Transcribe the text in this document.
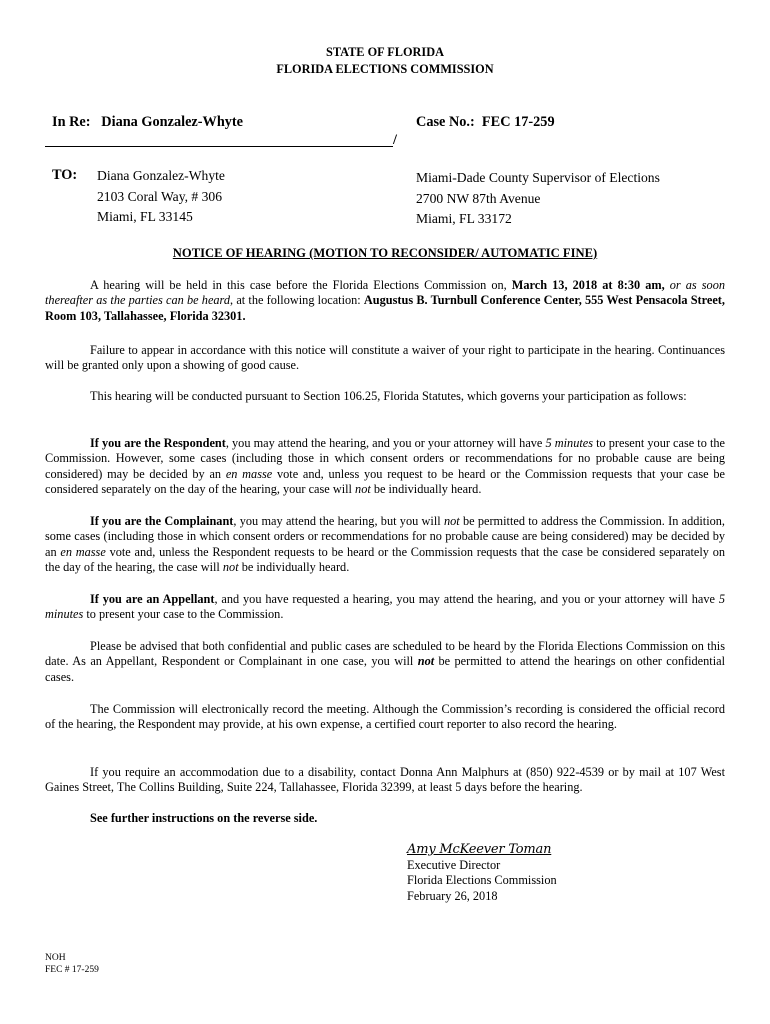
STATE OF FLORIDA
FLORIDA ELECTIONS COMMISSION
In Re: Diana Gonzalez-Whyte	Case No.: FEC 17-259
/
TO: Diana Gonzalez-Whyte
2103 Coral Way, # 306
Miami, FL 33145
Miami-Dade County Supervisor of Elections
2700 NW 87th Avenue
Miami, FL 33172
NOTICE OF HEARING (MOTION TO RECONSIDER/ AUTOMATIC FINE)
A hearing will be held in this case before the Florida Elections Commission on, March 13, 2018 at 8:30 am, or as soon thereafter as the parties can be heard, at the following location: Augustus B. Turnbull Conference Center, 555 West Pensacola Street, Room 103, Tallahassee, Florida 32301.
Failure to appear in accordance with this notice will constitute a waiver of your right to participate in the hearing. Continuances will be granted only upon a showing of good cause.
This hearing will be conducted pursuant to Section 106.25, Florida Statutes, which governs your participation as follows:
If you are the Respondent, you may attend the hearing, and you or your attorney will have 5 minutes to present your case to the Commission. However, some cases (including those in which consent orders or recommendations for no probable cause are being considered) may be decided by an en masse vote and, unless you request to be heard or the Commission requests that your case be considered separately on the day of the hearing, your case will not be individually heard.
If you are the Complainant, you may attend the hearing, but you will not be permitted to address the Commission. In addition, some cases (including those in which consent orders or recommendations for no probable cause are being considered) may be decided by an en masse vote and, unless the Respondent requests to be heard or the Commission requests that the case be considered separately on the day of the hearing, the case will not be individually heard.
If you are an Appellant, and you have requested a hearing, you may attend the hearing, and you or your attorney will have 5 minutes to present your case to the Commission.
Please be advised that both confidential and public cases are scheduled to be heard by the Florida Elections Commission on this date. As an Appellant, Respondent or Complainant in one case, you will not be permitted to attend the hearings on other confidential cases.
The Commission will electronically record the meeting. Although the Commission’s recording is considered the official record of the hearing, the Respondent may provide, at his own expense, a certified court reporter to also record the hearing.
If you require an accommodation due to a disability, contact Donna Ann Malphurs at (850) 922-4539 or by mail at 107 West Gaines Street, The Collins Building, Suite 224, Tallahassee, Florida 32399, at least 5 days before the hearing.
See further instructions on the reverse side.
Amy McKeever Toman
Executive Director
Florida Elections Commission
February 26, 2018
NOH
FEC # 17-259
